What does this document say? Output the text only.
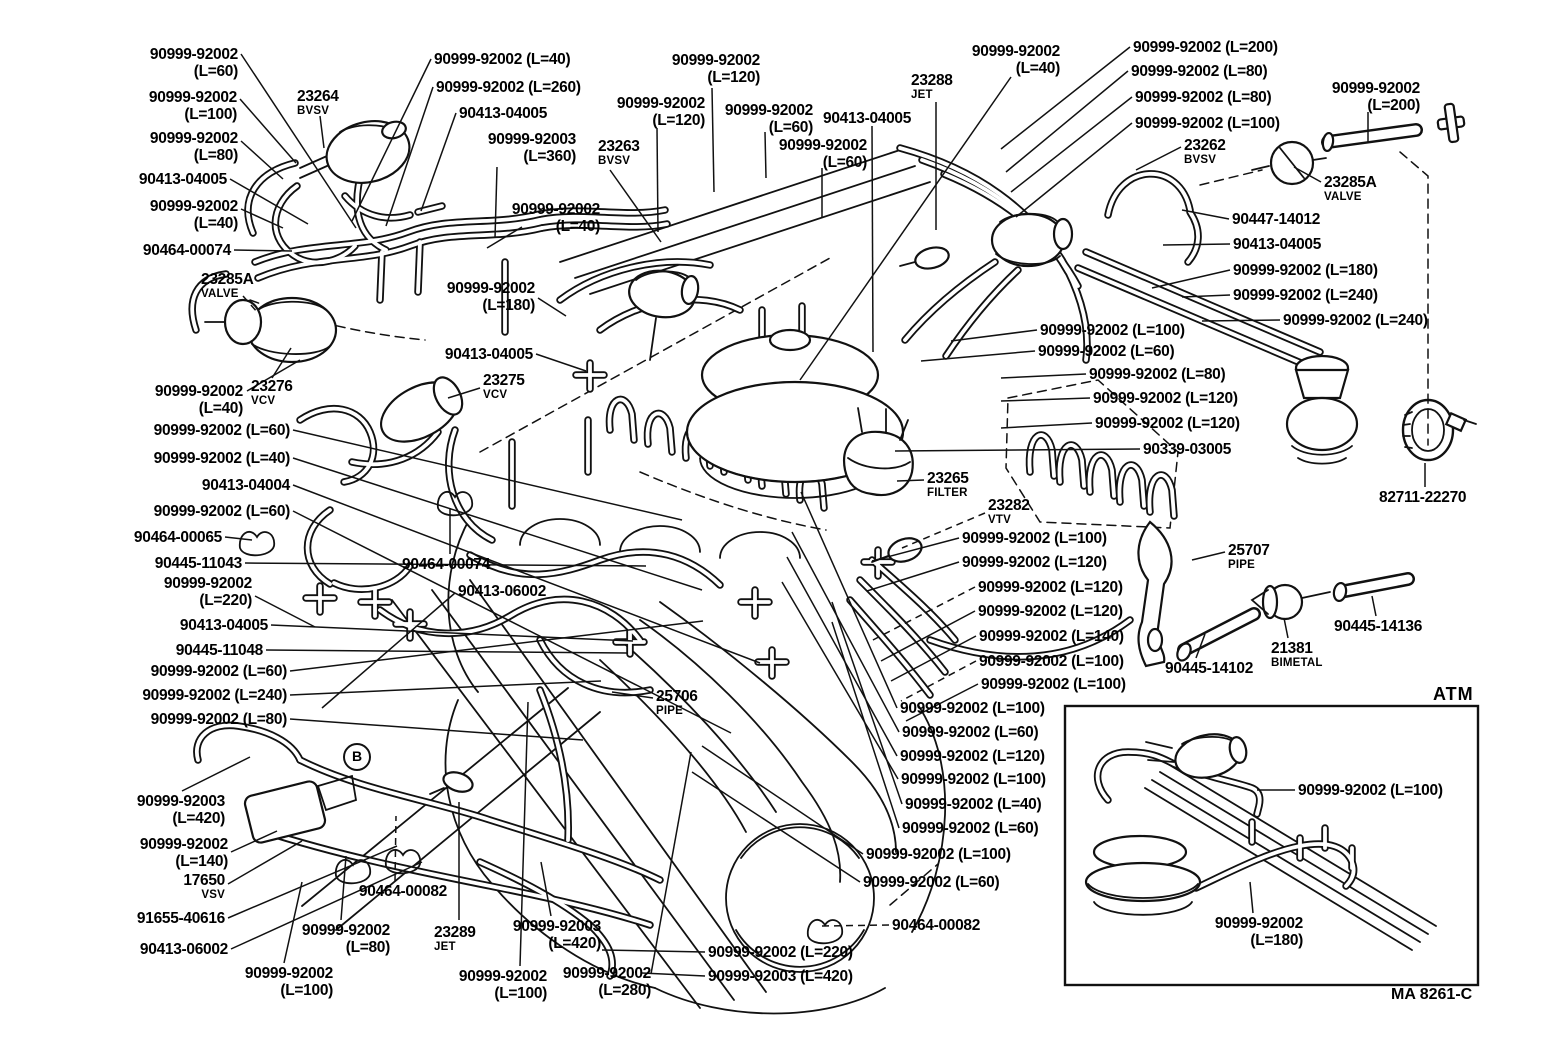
90999-92002
(L=60)
23264
BVSV
90999-92002
(L=100)
90999-92002
(L=80)
90413-04005
90999-92002
(L=40)
90464-00074
23285A
VALVE
90999-92002
(L=40)
23276
VCV
23275
VCV
90999-92002 (L=60)
90999-92002 (L=40)
90413-04004
90999-92002 (L=60)
90464-00065
90445-11043
90999-92002
(L=220)
90413-04005
90445-11048
90999-92002 (L=60)
90999-92002 (L=240)
90999-92002 (L=80)
90999-92003
(L=420)
90999-92002
(L=140)
17650
VSV
91655-40616
90413-06002
90999-92002
(L=100)
90999-92002 (L=40)
90999-92002 (L=260)
90413-04005
90999-92003
(L=360)
90999-92002
(L=40)
23263
BVSV
90999-92002
(L=120)
90999-92002
(L=120)
90999-92002
(L=60)
90999-92002
(L=60)
90413-04005
23288
JET
90999-92002
(L=40)
90999-92002
(L=180)
90413-04005
90464-00074
90413-06002
25706
PIPE
90999-92002 (L=200)
90999-92002 (L=80)
90999-92002 (L=80)
90999-92002 (L=100)
23262
BVSV
90999-92002
(L=200)
23285A
VALVE
90447-14012
90413-04005
90999-92002 (L=180)
90999-92002 (L=240)
90999-92002 (L=240)
90999-92002 (L=100)
90999-92002 (L=60)
90999-92002 (L=80)
90999-92002 (L=120)
90999-92002 (L=120)
90339-03005
82711-22270
23265
FILTER
23282
VTV
90999-92002 (L=100)
90999-92002 (L=120)
90999-92002 (L=120)
90999-92002 (L=120)
90999-92002 (L=140)
90999-92002 (L=100)
90999-92002 (L=100)
25707
PIPE
90445-14102
21381
BIMETAL
90445-14136
90999-92002 (L=100)
90999-92002 (L=60)
90999-92002 (L=120)
90999-92002 (L=100)
90999-92002 (L=40)
90999-92002 (L=60)
90999-92002 (L=100)
90999-92002 (L=60)
90464-00082
90999-92002 (L=220)
90999-92003 (L=420)
90464-00082
90999-92002
(L=80)
23289
JET
90999-92003
(L=420)
90999-92002
(L=100)
90999-92002
(L=280)
90999-92002 (L=100)
90999-92002
(L=180)
ATM
MA 8261-C
B
